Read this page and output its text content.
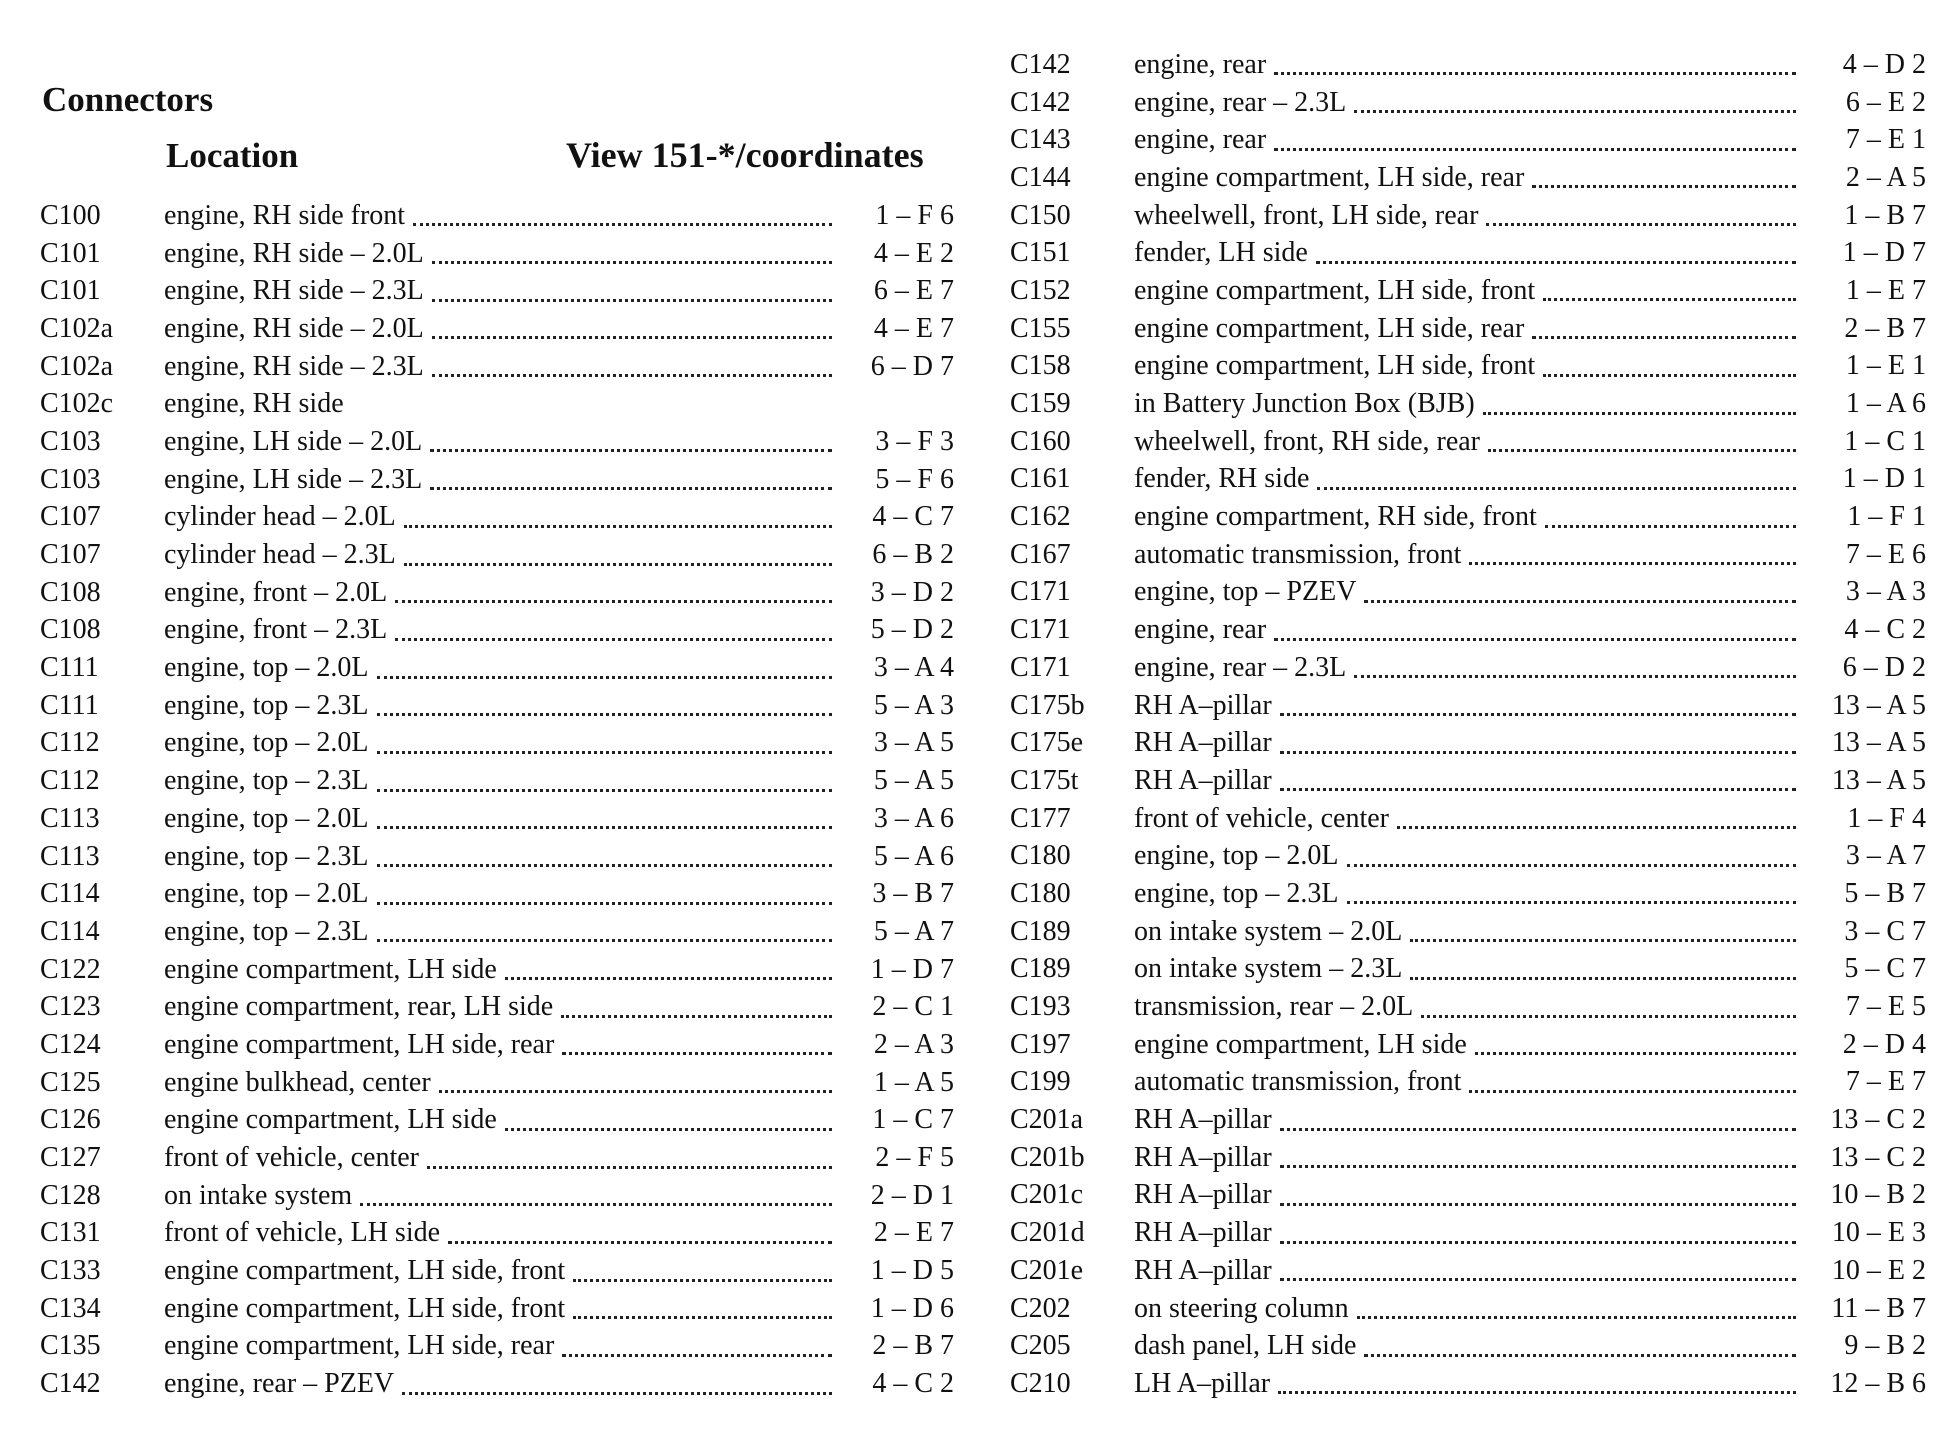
Connectors
Location	View 151-*/coordinates
C100	engine, RH side front	1 – F 6
C101	engine, RH side – 2.0L	4 – E 2
C101	engine, RH side – 2.3L	6 – E 7
C102a	engine, RH side – 2.0L	4 – E 7
C102a	engine, RH side – 2.3L	6 – D 7
C102c	engine, RH side
C103	engine, LH side – 2.0L	3 – F 3
C103	engine, LH side – 2.3L	5 – F 6
C107	cylinder head – 2.0L	4 – C 7
C107	cylinder head – 2.3L	6 – B 2
C108	engine, front – 2.0L	3 – D 2
C108	engine, front – 2.3L	5 – D 2
C111	engine, top – 2.0L	3 – A 4
C111	engine, top – 2.3L	5 – A 3
C112	engine, top – 2.0L	3 – A 5
C112	engine, top – 2.3L	5 – A 5
C113	engine, top – 2.0L	3 – A 6
C113	engine, top – 2.3L	5 – A 6
C114	engine, top – 2.0L	3 – B 7
C114	engine, top – 2.3L	5 – A 7
C122	engine compartment, LH side	1 – D 7
C123	engine compartment, rear, LH side	2 – C 1
C124	engine compartment, LH side, rear	2 – A 3
C125	engine bulkhead, center	1 – A 5
C126	engine compartment, LH side	1 – C 7
C127	front of vehicle, center	2 – F 5
C128	on intake system	2 – D 1
C131	front of vehicle, LH side	2 – E 7
C133	engine compartment, LH side, front	1 – D 5
C134	engine compartment, LH side, front	1 – D 6
C135	engine compartment, LH side, rear	2 – B 7
C142	engine, rear – PZEV	4 – C 2
C142	engine, rear	4 – D 2
C142	engine, rear – 2.3L	6 – E 2
C143	engine, rear	7 – E 1
C144	engine compartment, LH side, rear	2 – A 5
C150	wheelwell, front, LH side, rear	1 – B 7
C151	fender, LH side	1 – D 7
C152	engine compartment, LH side, front	1 – E 7
C155	engine compartment, LH side, rear	2 – B 7
C158	engine compartment, LH side, front	1 – E 1
C159	in Battery Junction Box (BJB)	1 – A 6
C160	wheelwell, front, RH side, rear	1 – C 1
C161	fender, RH side	1 – D 1
C162	engine compartment, RH side, front	1 – F 1
C167	automatic transmission, front	7 – E 6
C171	engine, top – PZEV	3 – A 3
C171	engine, rear	4 – C 2
C171	engine, rear – 2.3L	6 – D 2
C175b	RH A–pillar	13 – A 5
C175e	RH A–pillar	13 – A 5
C175t	RH A–pillar	13 – A 5
C177	front of vehicle, center	1 – F 4
C180	engine, top – 2.0L	3 – A 7
C180	engine, top – 2.3L	5 – B 7
C189	on intake system – 2.0L	3 – C 7
C189	on intake system – 2.3L	5 – C 7
C193	transmission, rear – 2.0L	7 – E 5
C197	engine compartment, LH side	2 – D 4
C199	automatic transmission, front	7 – E 7
C201a	RH A–pillar	13 – C 2
C201b	RH A–pillar	13 – C 2
C201c	RH A–pillar	10 – B 2
C201d	RH A–pillar	10 – E 3
C201e	RH A–pillar	10 – E 2
C202	on steering column	11 – B 7
C205	dash panel, LH side	9 – B 2
C210	LH A–pillar	12 – B 6
